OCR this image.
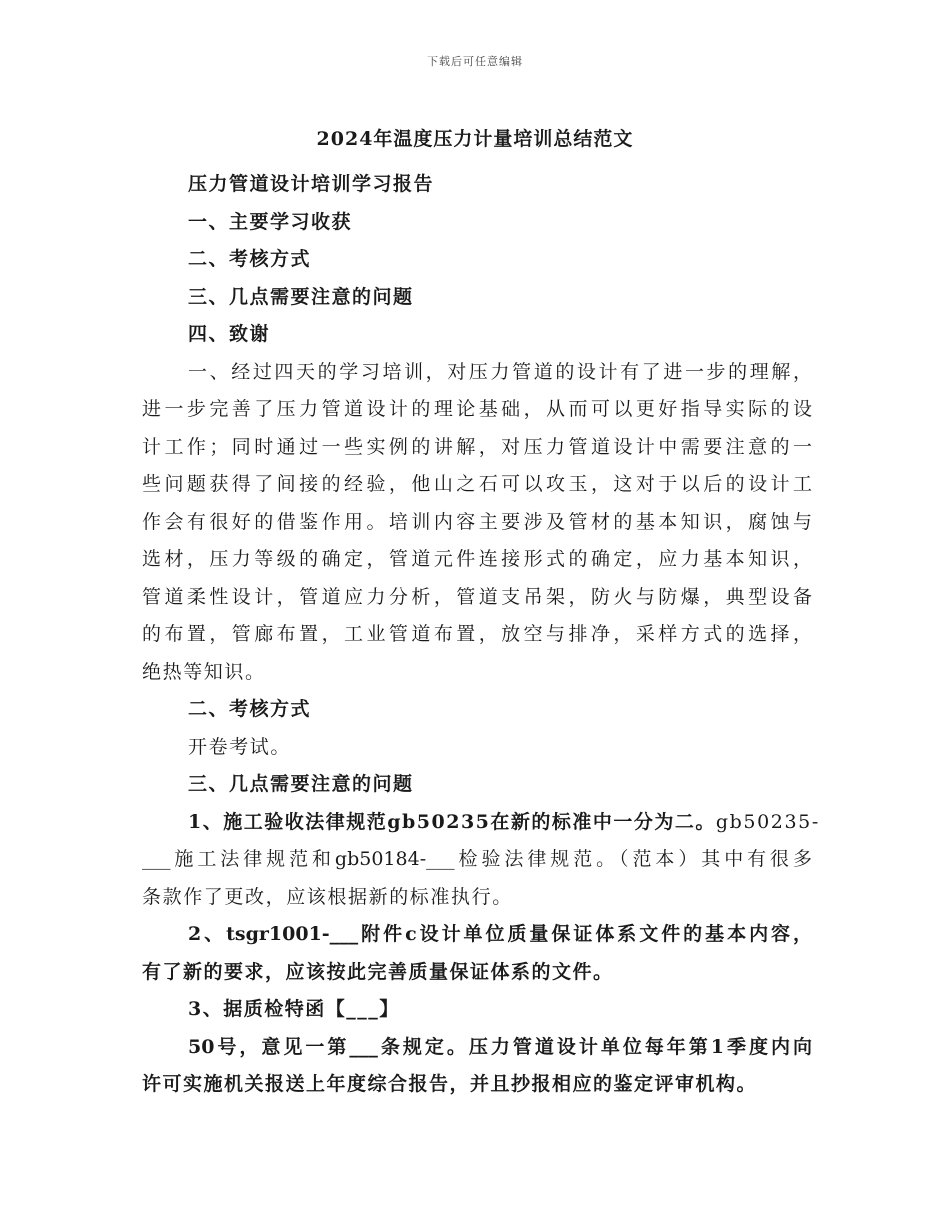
下载后可任意编辑
2024年温度压力计量培训总结范文
压力管道设计培训学习报告
一、主要学习收获
二、考核方式
三、几点需要注意的问题
四、致谢
一、经过四天的学习培训，对压力管道的设计有了进一步的理解，
进一步完善了压力管道设计的理论基础，从而可以更好指导实际的设
计工作；同时通过一些实例的讲解，对压力管道设计中需要注意的一
些问题获得了间接的经验，他山之石可以攻玉，这对于以后的设计工
作会有很好的借鉴作用。培训内容主要涉及管材的基本知识，腐蚀与
选材，压力等级的确定，管道元件连接形式的确定，应力基本知识，
管道柔性设计，管道应力分析，管道支吊架，防火与防爆，典型设备
的布置，管廊布置，工业管道布置，放空与排净，采样方式的选择，
绝热等知识。
二、考核方式
开卷考试。
三、几点需要注意的问题
1、施工验收法律规范gb50235在新的标准中一分为二。gb50235-
___施工法律规范和gb50184-___检验法律规范。（范本）其中有很多
条款作了更改，应该根据新的标准执行。
2、tsgr1001-___附件c设计单位质量保证体系文件的基本内容，
有了新的要求，应该按此完善质量保证体系的文件。
3、据质检特函【___】
50号，意见一第___条规定。压力管道设计单位每年第1季度内向
许可实施机关报送上年度综合报告，并且抄报相应的鉴定评审机构。
